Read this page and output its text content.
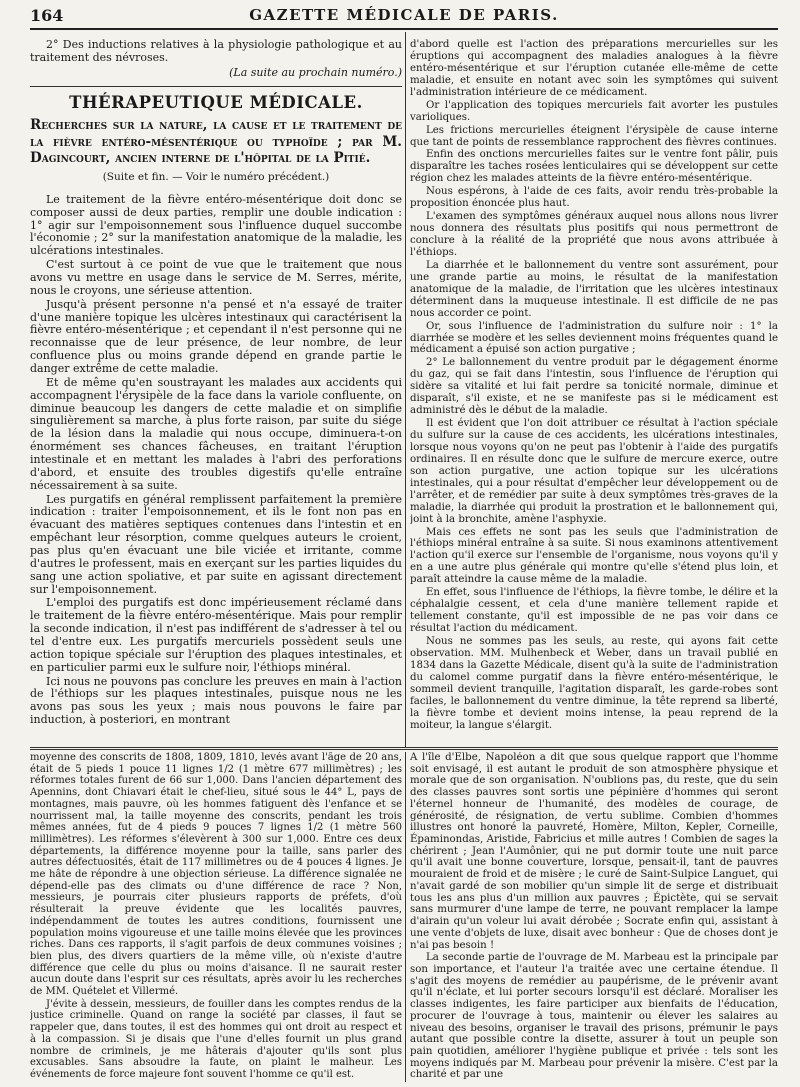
164	GAZETTE MÉDICALE DE PARIS.

2° Des inductions relatives à la physiologie pathologique et au traitement des névroses.

(La suite au prochain numéro.)
THÉRAPEUTIQUE MÉDICALE.
Recherches sur la nature, la cause et le traitement de la fièvre entéro-mésentérique ou typhoïde ; par M. Dagincourt, ancien interne de l'hôpital de la Pitié.
(Suite et fin. — Voir le numéro précédent.)

Le traitement de la fièvre entéro-mésentérique doit donc se composer aussi de deux parties, remplir une double indication : 1° agir sur l'empoisonnement sous l'influence duquel succombe l'économie ; 2° sur la manifestation anatomique de la maladie, les ulcérations intestinales.

C'est surtout à ce point de vue que le traitement que nous avons vu mettre en usage dans le service de M. Serres, mérite, nous le croyons, une sérieuse attention.

Jusqu'à présent personne n'a pensé et n'a essayé de traiter d'une manière topique les ulcères intestinaux qui caractérisent la fièvre entéro-mésentérique ; et cependant il n'est personne qui ne reconnaisse que de leur présence, de leur nombre, de leur confluence plus ou moins grande dépend en grande partie le danger extrême de cette maladie.

Et de même qu'en soustrayant les malades aux accidents qui accompagnent l'érysipèle de la face dans la variole confluente, on diminue beaucoup les dangers de cette maladie et on simplifie singulièrement sa marche, à plus forte raison, par suite du siége de la lésion dans la maladie qui nous occupe, diminuera-t-on énormément ses chances fâcheuses, en traitant l'éruption intestinale et en mettant les malades à l'abri des perforations d'abord, et ensuite des troubles digestifs qu'elle entraîne nécessairement à sa suite.

Les purgatifs en général remplissent parfaitement la première indication : traiter l'empoisonnement, et ils le font non pas en évacuant des matières septiques contenues dans l'intestin et en empêchant leur résorption, comme quelques auteurs le croient, pas plus qu'en évacuant une bile viciée et irritante, comme d'autres le professent, mais en exerçant sur les parties liquides du sang une action spoliative, et par suite en agissant directement sur l'empoisonnement.

L'emploi des purgatifs est donc impérieusement réclamé dans le traitement de la fièvre entéro-mésentérique. Mais pour remplir la seconde indication, il n'est pas indifférent de s'adresser à tel ou tel d'entre eux. Les purgatifs mercuriels possèdent seuls une action topique spéciale sur l'éruption des plaques intestinales, et en particulier parmi eux le sulfure noir, l'éthiops minéral.

Ici nous ne pouvons pas conclure les preuves en main à l'action de l'éthiops sur les plaques intestinales, puisque nous ne les avons pas sous les yeux ; mais nous pouvons le faire par induction, à posteriori, en montrant

d'abord quelle est l'action des préparations mercurielles sur les éruptions qui accompagnent des maladies analogues à la fièvre entéro-mésentérique et sur l'éruption cutanée elle-même de cette maladie, et ensuite en notant avec soin les symptômes qui suivent l'administration intérieure de ce médicament.

Or l'application des topiques mercuriels fait avorter les pustules varioliques.

Les frictions mercurielles éteignent l'érysipèle de cause interne que tant de points de ressemblance rapprochent des fièvres continues.

Enfin des onctions mercurielles faites sur le ventre font pâlir, puis disparaître les taches rosées lenticulaires qui se développent sur cette région chez les malades atteints de la fièvre entéro-mésentérique.

Nous espérons, à l'aide de ces faits, avoir rendu très-probable la proposition énoncée plus haut.

L'examen des symptômes généraux auquel nous allons nous livrer nous donnera des résultats plus positifs qui nous permettront de conclure à la réalité de la propriété que nous avons attribuée à l'éthiops.

La diarrhée et le ballonnement du ventre sont assurément, pour une grande partie au moins, le résultat de la manifestation anatomique de la maladie, de l'irritation que les ulcères intestinaux déterminent dans la muqueuse intestinale. Il est difficile de ne pas nous accorder ce point.

Or, sous l'influence de l'administration du sulfure noir : 1° la diarrhée se modère et les selles deviennent moins fréquentes quand le médicament a épuisé son action purgative ;

2° Le ballonnement du ventre produit par le dégagement énorme du gaz, qui se fait dans l'intestin, sous l'influence de l'éruption qui sidère sa vitalité et lui fait perdre sa tonicité normale, diminue et disparaît, s'il existe, et ne se manifeste pas si le médicament est administré dès le début de la maladie.

Il est évident que l'on doit attribuer ce résultat à l'action spéciale du sulfure sur la cause de ces accidents, les ulcérations intestinales, lorsque nous voyons qu'on ne peut pas l'obtenir à l'aide des purgatifs ordinaires. Il en résulte donc que le sulfure de mercure exerce, outre son action purgative, une action topique sur les ulcérations intestinales, qui a pour résultat d'empêcher leur développement ou de l'arrêter, et de remédier par suite à deux symptômes très-graves de la maladie, la diarrhée qui produit la prostration et le ballonnement qui, joint à la bronchite, amène l'asphyxie.

Mais ces effets ne sont pas les seuls que l'administration de l'éthiops minéral entraîne à sa suite. Si nous examinons attentivement l'action qu'il exerce sur l'ensemble de l'organisme, nous voyons qu'il y en a une autre plus générale qui montre qu'elle s'étend plus loin, et paraît atteindre la cause même de la maladie.

En effet, sous l'influence de l'éthiops, la fièvre tombe, le délire et la céphalalgie cessent, et cela d'une manière tellement rapide et tellement constante, qu'il est impossible de ne pas voir dans ce résultat l'action du médicament.

Nous ne sommes pas les seuls, au reste, qui ayons fait cette observation. MM. Mulhenbeck et Weber, dans un travail publié en 1834 dans la Gazette Médicale, disent qu'à la suite de l'administration du calomel comme purgatif dans la fièvre entéro-mésentérique, le sommeil devient tranquille, l'agitation disparaît, les garde-robes sont faciles, le ballonnement du ventre diminue, la tête reprend sa liberté, la fièvre tombe et devient moins intense, la peau reprend de la moiteur, la langue s'élargit.

moyenne des conscrits de 1808, 1809, 1810, levés avant l'âge de 20 ans, était de 5 pieds 1 pouce 11 lignes 1/2 (1 mètre 677 millimètres) ; les réformes totales furent de 66 sur 1,000. Dans l'ancien département des Apennins, dont Chiavari était le chef-lieu, situé sous le 44° L, pays de montagnes, mais pauvre, où les hommes fatiguent dès l'enfance et se nourrissent mal, la taille moyenne des conscrits, pendant les trois mêmes années, fut de 4 pieds 9 pouces 7 lignes 1/2 (1 mètre 560 millimètres). Les réformes s'élevèrent à 300 sur 1,000. Entre ces deux départements, la différence moyenne pour la taille, sans parler des autres défectuosités, était de 117 millimètres ou de 4 pouces 4 lignes. Je me hâte de répondre à une objection sérieuse. La différence signalée ne dépend-elle pas des climats ou d'une différence de race ? Non, messieurs, je pourrais citer plusieurs rapports de préfets, d'où résulterait la preuve évidente que les localités pauvres, indépendamment de toutes les autres conditions, fournissent une population moins vigoureuse et une taille moins élevée que les provinces riches. Dans ces rapports, il s'agit parfois de deux communes voisines ; bien plus, des divers quartiers de la même ville, où n'existe d'autre différence que celle du plus ou moins d'aisance. Il ne saurait rester aucun doute dans l'esprit sur ces résultats, après avoir lu les recherches de MM. Quételet et Villermé.

J'évite à dessein, messieurs, de fouiller dans les comptes rendus de la justice criminelle. Quand on range la société par classes, il faut se rappeler que, dans toutes, il est des hommes qui ont droit au respect et à la compassion. Si je disais que l'une d'elles fournit un plus grand nombre de criminels, je me hâterais d'ajouter qu'ils sont plus excusables. Sans absoudre la faute, on plaint le malheur. Les événements de force majeure font souvent l'homme ce qu'il est.

A l'île d'Elbe, Napoléon a dit que sous quelque rapport que l'homme soit envisagé, il est autant le produit de son atmosphère physique et morale que de son organisation. N'oublions pas, du reste, que du sein des classes pauvres sont sortis une pépinière d'hommes qui seront l'éternel honneur de l'humanité, des modèles de courage, de générosité, de résignation, de vertu sublime. Combien d'hommes illustres ont honoré la pauvreté, Homère, Milton, Kepler, Corneille, Épaminondas, Aristide, Fabricius et mille autres ! Combien de sages la chérirent ; Jean l'Aumônier, qui ne put dormir toute une nuit parce qu'il avait une bonne couverture, lorsque, pensait-il, tant de pauvres mouraient de froid et de misère ; le curé de Saint-Sulpice Languet, qui n'avait gardé de son mobilier qu'un simple lit de serge et distribuait tous les ans plus d'un million aux pauvres ; Épictète, qui se servait sans murmurer d'une lampe de terre, ne pouvant remplacer la lampe d'airain qu'un voleur lui avait dérobée ; Socrate enfin qui, assistant à une vente d'objets de luxe, disait avec bonheur : Que de choses dont je n'ai pas besoin !

La seconde partie de l'ouvrage de M. Marbeau est la principale par son importance, et l'auteur l'a traitée avec une certaine étendue. Il s'agit des moyens de remédier au paupérisme, de le prévenir avant qu'il n'éclate, et lui porter secours lorsqu'il est déclaré. Moraliser les classes indigentes, les faire participer aux bienfaits de l'éducation, procurer de l'ouvrage à tous, maintenir ou élever les salaires au niveau des besoins, organiser le travail des prisons, prémunir le pays autant que possible contre la disette, assurer à tout un peuple son pain quotidien, améliorer l'hygiène publique et privée : tels sont les moyens indiqués par M. Marbeau pour prévenir la misère. C'est par la charité et par une
